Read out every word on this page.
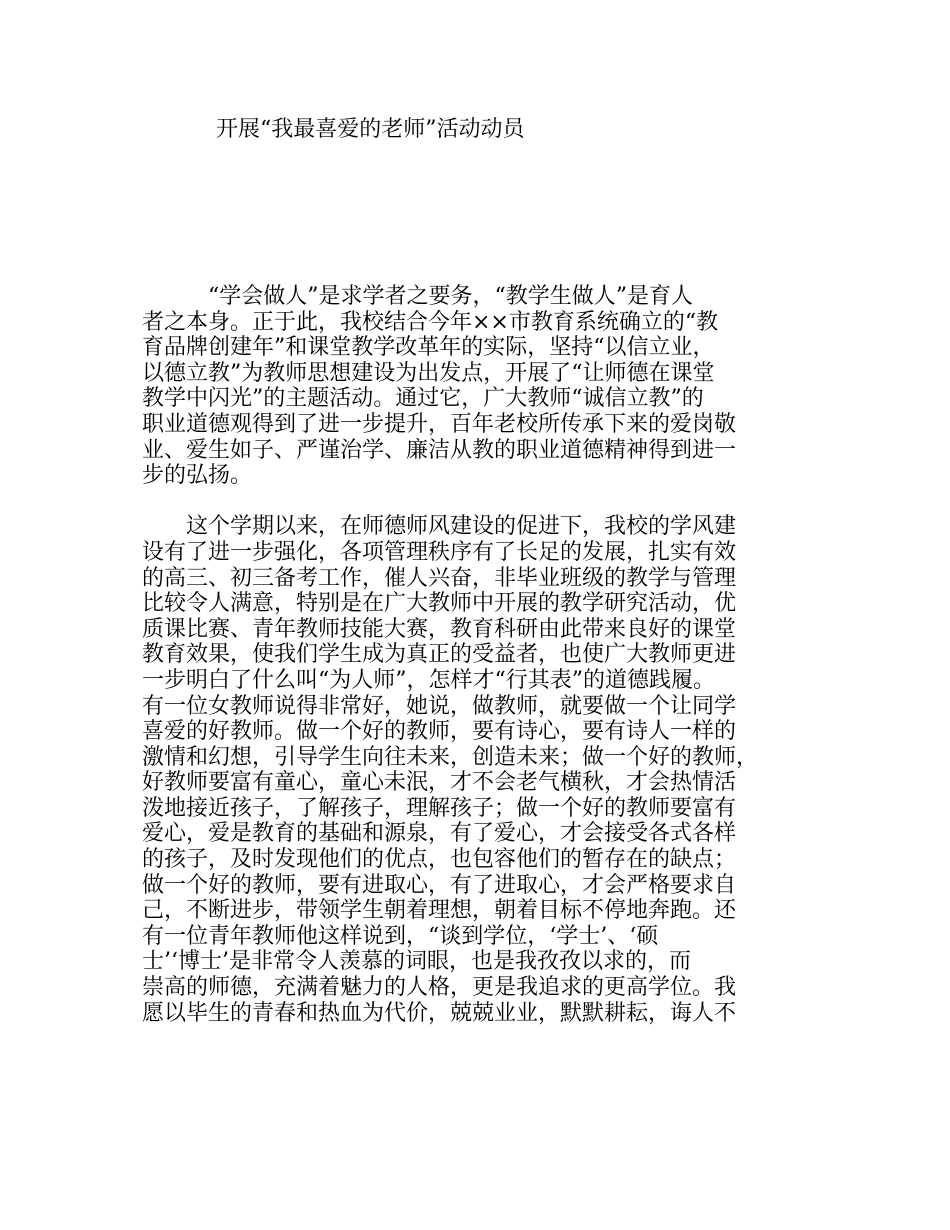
开展“我最喜爱的老师”活动动员

“学会做人”是求学者之要务，“教学生做人”是育人
者之本身。正于此，我校结合今年××市教育系统确立的“教
育品牌创建年”和课堂教学改革年的实际，坚持“以信立业，
以德立教”为教师思想建设为出发点，开展了“让师德在课堂
教学中闪光”的主题活动。通过它，广大教师“诚信立教”的
职业道德观得到了进一步提升，百年老校所传承下来的爱岗敬
业、爱生如子、严谨治学、廉洁从教的职业道德精神得到进一
步的弘扬。

这个学期以来，在师德师风建设的促进下，我校的学风建
设有了进一步强化，各项管理秩序有了长足的发展，扎实有效
的高三、初三备考工作，催人兴奋，非毕业班级的教学与管理
比较令人满意，特别是在广大教师中开展的教学研究活动，优
质课比赛、青年教师技能大赛，教育科研由此带来良好的课堂
教育效果，使我们学生成为真正的受益者，也使广大教师更进
一步明白了什么叫“为人师”，怎样才“行其表”的道德践履。
有一位女教师说得非常好，她说，做教师，就要做一个让同学
喜爱的好教师。做一个好的教师，要有诗心，要有诗人一样的
激情和幻想，引导学生向往未来，创造未来；做一个好的教师，
好教师要富有童心，童心未泯，才不会老气横秋，才会热情活
泼地接近孩子，了解孩子，理解孩子；做一个好的教师要富有
爱心，爱是教育的基础和源泉，有了爱心，才会接受各式各样
的孩子，及时发现他们的优点，也包容他们的暂存在的缺点；
做一个好的教师，要有进取心，有了进取心，才会严格要求自
己，不断进步，带领学生朝着理想，朝着目标不停地奔跑。还
有一位青年教师他这样说到，“谈到学位，‘学士’、‘硕
士’‘博士’是非常令人羡慕的词眼，也是我孜孜以求的，而
崇高的师德，充满着魅力的人格，更是我追求的更高学位。我
愿以毕生的青春和热血为代价，兢兢业业，默默耕耘，诲人不
